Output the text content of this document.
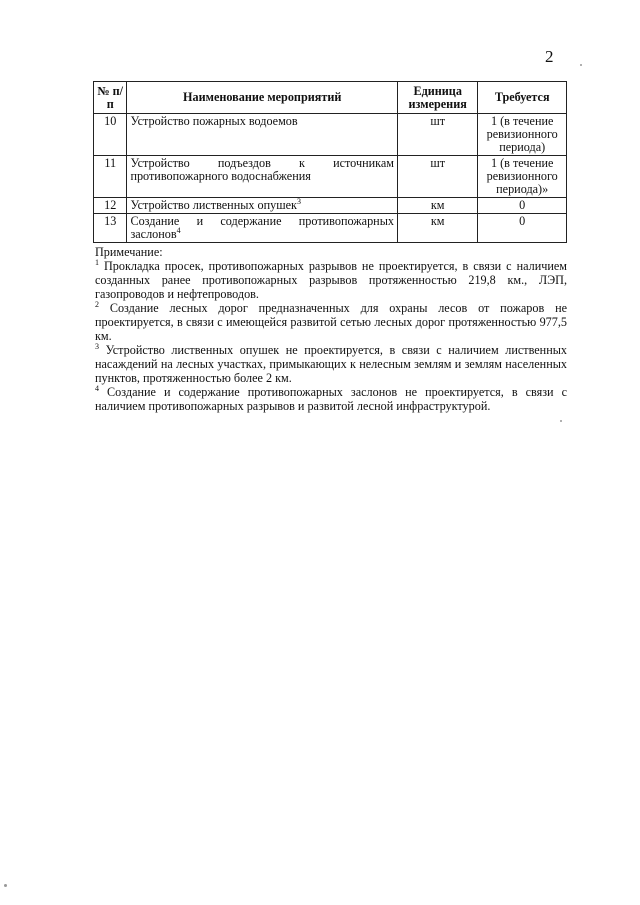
2
№ п/п	Наименование мероприятий	Единица измерения	Требуется
10	Устройство пожарных водоемов	шт	1 (в течение ревизионного периода)
11	Устройство подъездов к источникам противопожарного водоснабжения	шт	1 (в течение ревизионного периода)»
12	Устройство лиственных опушек$^3$	км	0
13	Создание и содержание противопожарных заслонов$^4$	км	0
Примечание:

$^1$ Прокладка просек, противопожарных разрывов не проектируется, в связи с наличием созданных ранее противопожарных разрывов протяженностью 219,8 км., ЛЭП, газопроводов и нефтепроводов.

$^2$ Создание лесных дорог предназначенных для охраны лесов от пожаров не проектируется, в связи с имеющейся развитой сетью лесных дорог протяженностью 977,5 км.

$^3$ Устройство лиственных опушек не проектируется, в связи с наличием лиственных насаждений на лесных участках, примыкающих к нелесным землям и землям населенных пунктов, протяженностью более 2 км.

$^4$ Создание и содержание противопожарных заслонов не проектируется, в связи с наличием противопожарных разрывов и развитой лесной инфраструктурой.
